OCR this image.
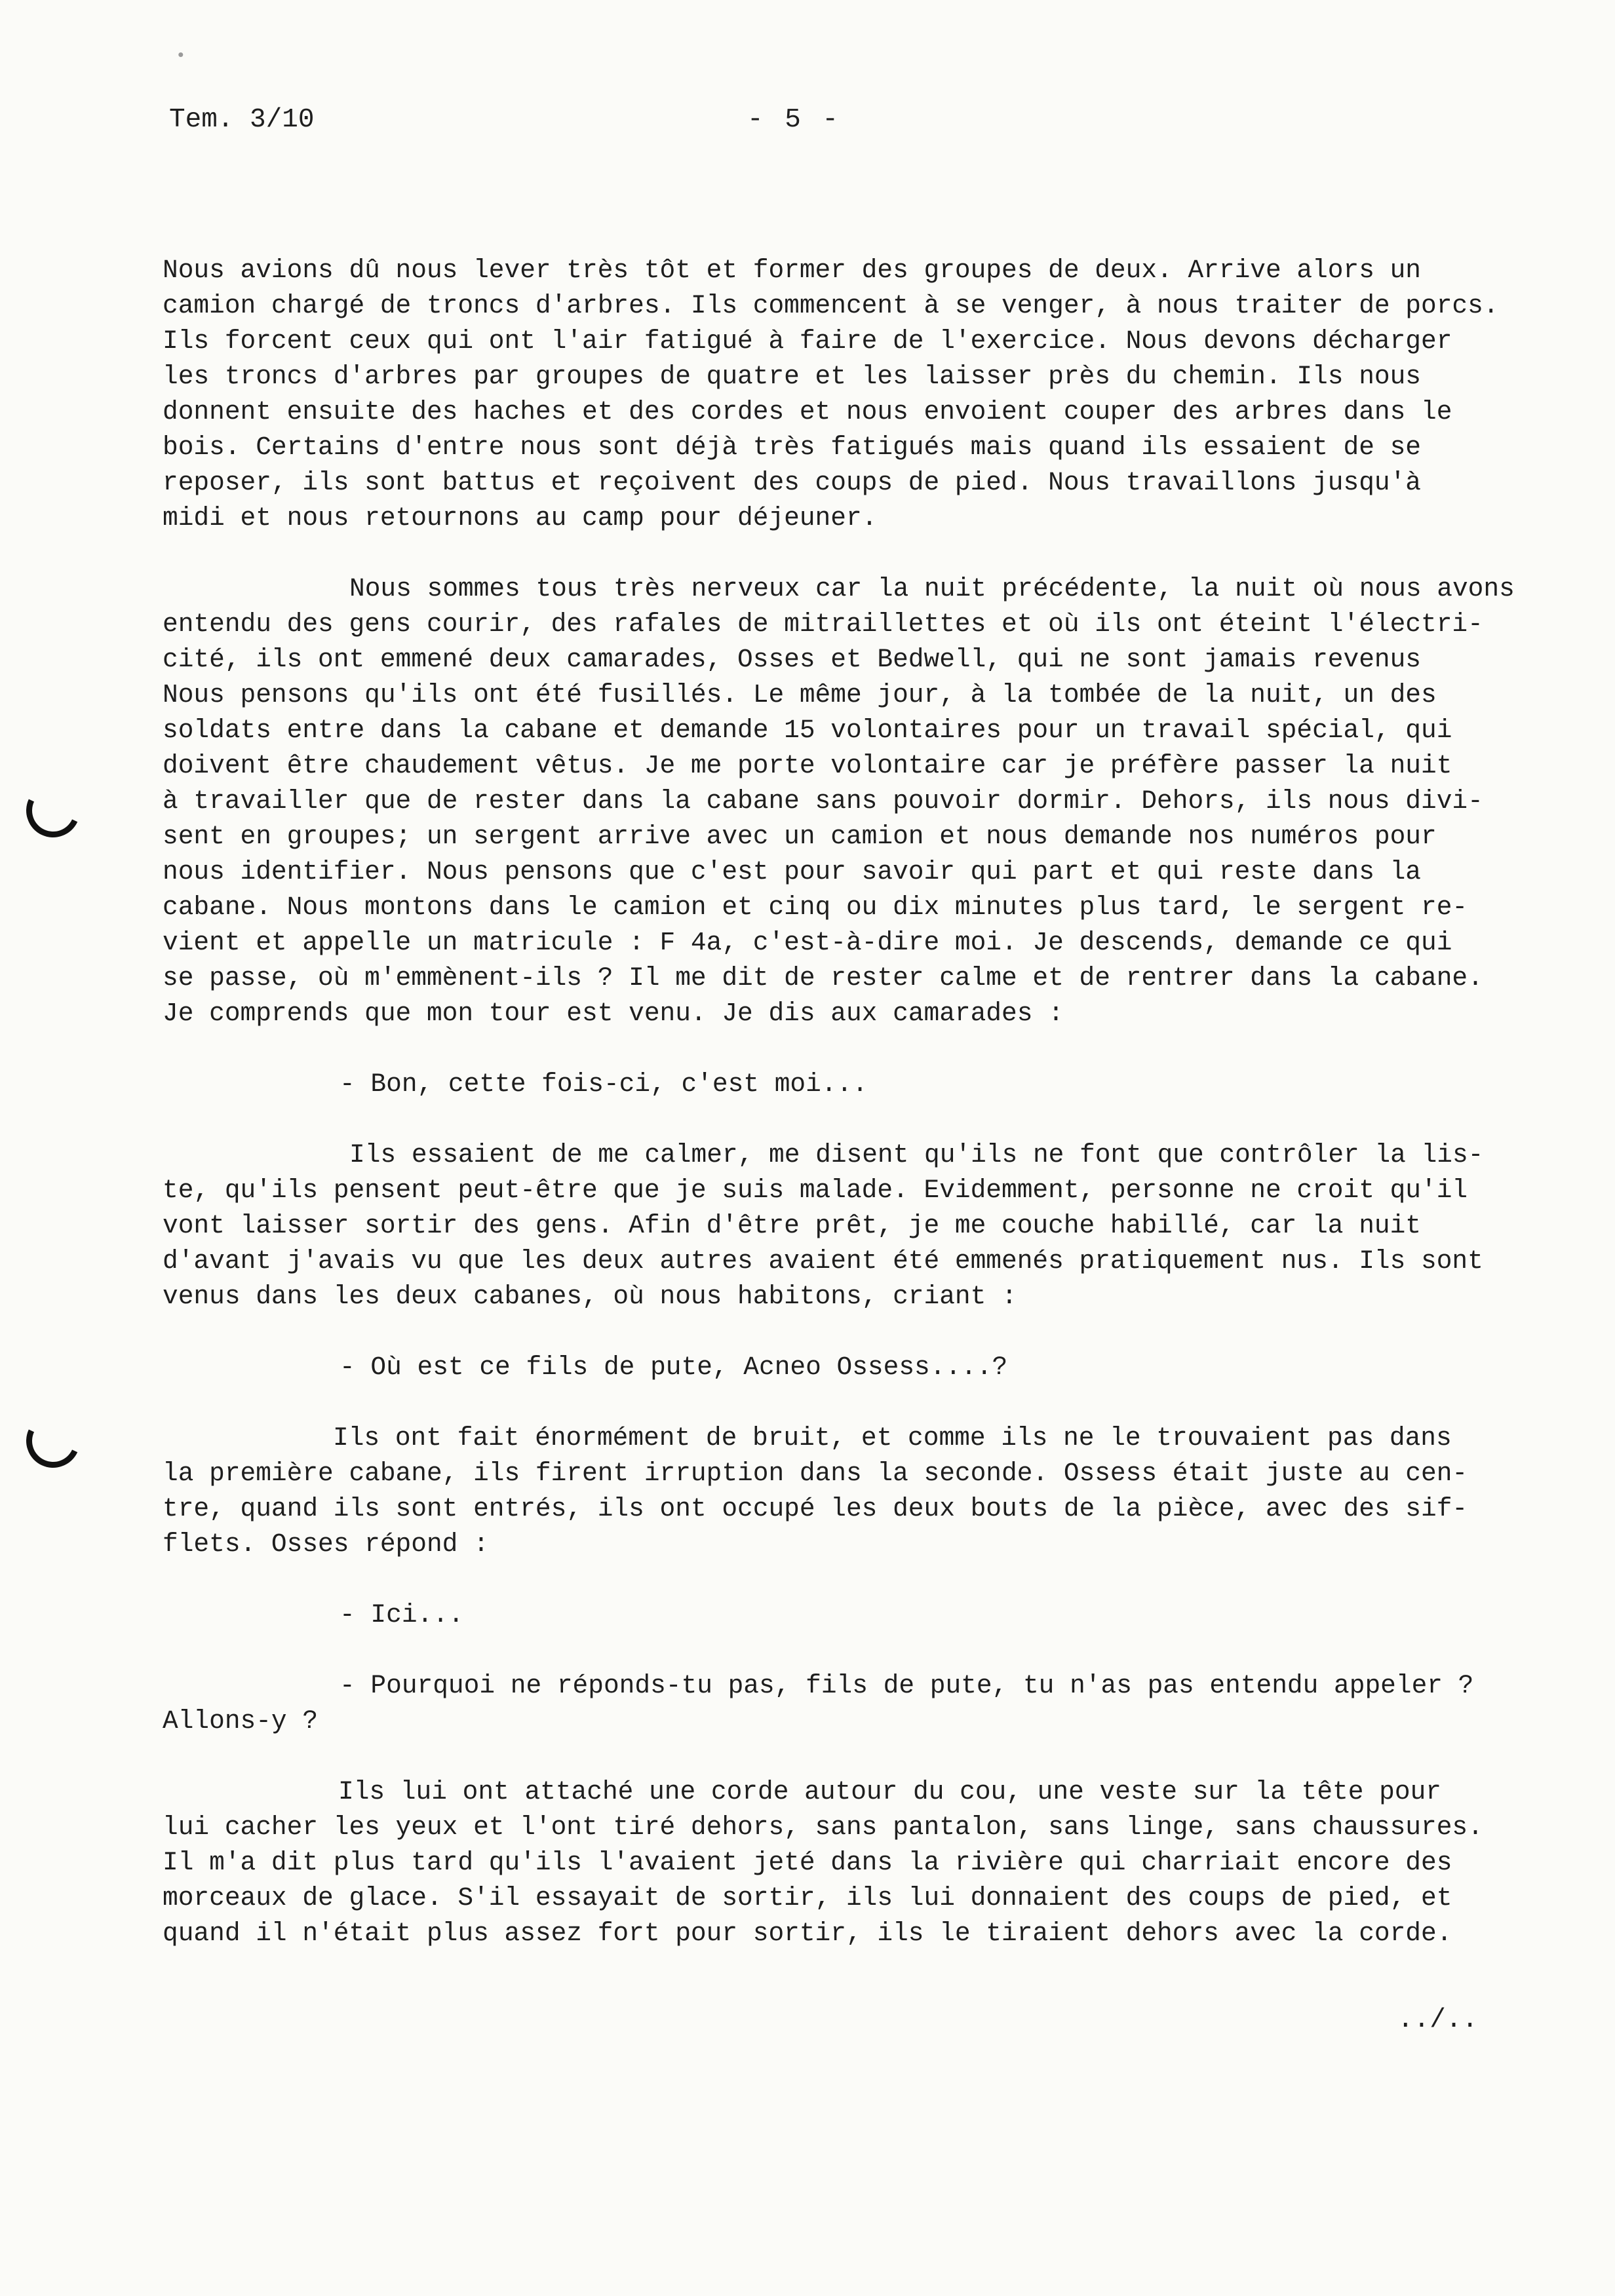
•
Tem. 3/10	- 5 -
Nous avions dû nous lever très tôt et former des groupes de deux. Arrive alors un
camion chargé de troncs d'arbres. Ils commencent à se venger, à nous traiter de porcs.
Ils forcent ceux qui ont l'air fatigué à faire de l'exercice. Nous devons décharger
les troncs d'arbres par groupes de quatre et les laisser près du chemin. Ils nous
donnent ensuite des haches et des cordes et nous envoient couper des arbres dans le
bois. Certains d'entre nous sont déjà très fatigués mais quand ils essaient de se
reposer, ils sont battus et reçoivent des coups de pied. Nous travaillons jusqu'à
midi et nous retournons au camp pour déjeuner.
Nous sommes tous très nerveux car la nuit précédente, la nuit où nous avons
entendu des gens courir, des rafales de mitraillettes et où ils ont éteint l'électri-
cité, ils ont emmené deux camarades, Osses et Bedwell, qui ne sont jamais revenus
Nous pensons qu'ils ont été fusillés. Le même jour, à la tombée de la nuit, un des
soldats entre dans la cabane et demande 15 volontaires pour un travail spécial, qui
doivent être chaudement vêtus. Je me porte volontaire car je préfère passer la nuit
à travailler que de rester dans la cabane sans pouvoir dormir. Dehors, ils nous divi-
sent en groupes; un sergent arrive avec un camion et nous demande nos numéros pour
nous identifier. Nous pensons que c'est pour savoir qui part et qui reste dans la
cabane. Nous montons dans le camion et cinq ou dix minutes plus tard, le sergent re-
vient et appelle un matricule : F 4a, c'est-à-dire moi. Je descends, demande ce qui
se passe, où m'emmènent-ils ? Il me dit de rester calme et de rentrer dans la cabane.
Je comprends que mon tour est venu. Je dis aux camarades :
- Bon, cette fois-ci, c'est moi...
Ils essaient de me calmer, me disent qu'ils ne font que contrôler la lis-
te, qu'ils pensent peut-être que je suis malade. Evidemment, personne ne croit qu'il
vont laisser sortir des gens. Afin d'être prêt, je me couche habillé, car la nuit
d'avant j'avais vu que les deux autres avaient été emmenés pratiquement nus. Ils sont
venus dans les deux cabanes, où nous habitons, criant :
- Où est ce fils de pute, Acneo Ossess....?
Ils ont fait énormément de bruit, et comme ils ne le trouvaient pas dans
la première cabane, ils firent irruption dans la seconde. Ossess était juste au cen-
tre, quand ils sont entrés, ils ont occupé les deux bouts de la pièce, avec des sif-
flets. Osses répond :
- Ici...
- Pourquoi ne réponds-tu pas, fils de pute, tu n'as pas entendu appeler ?
Allons-y ?
Ils lui ont attaché une corde autour du cou, une veste sur la tête pour
lui cacher les yeux et l'ont tiré dehors, sans pantalon, sans linge, sans chaussures.
Il m'a dit plus tard qu'ils l'avaient jeté dans la rivière qui charriait encore des
morceaux de glace. S'il essayait de sortir, ils lui donnaient des coups de pied, et
quand il n'était plus assez fort pour sortir, ils le tiraient dehors avec la corde.
../..
